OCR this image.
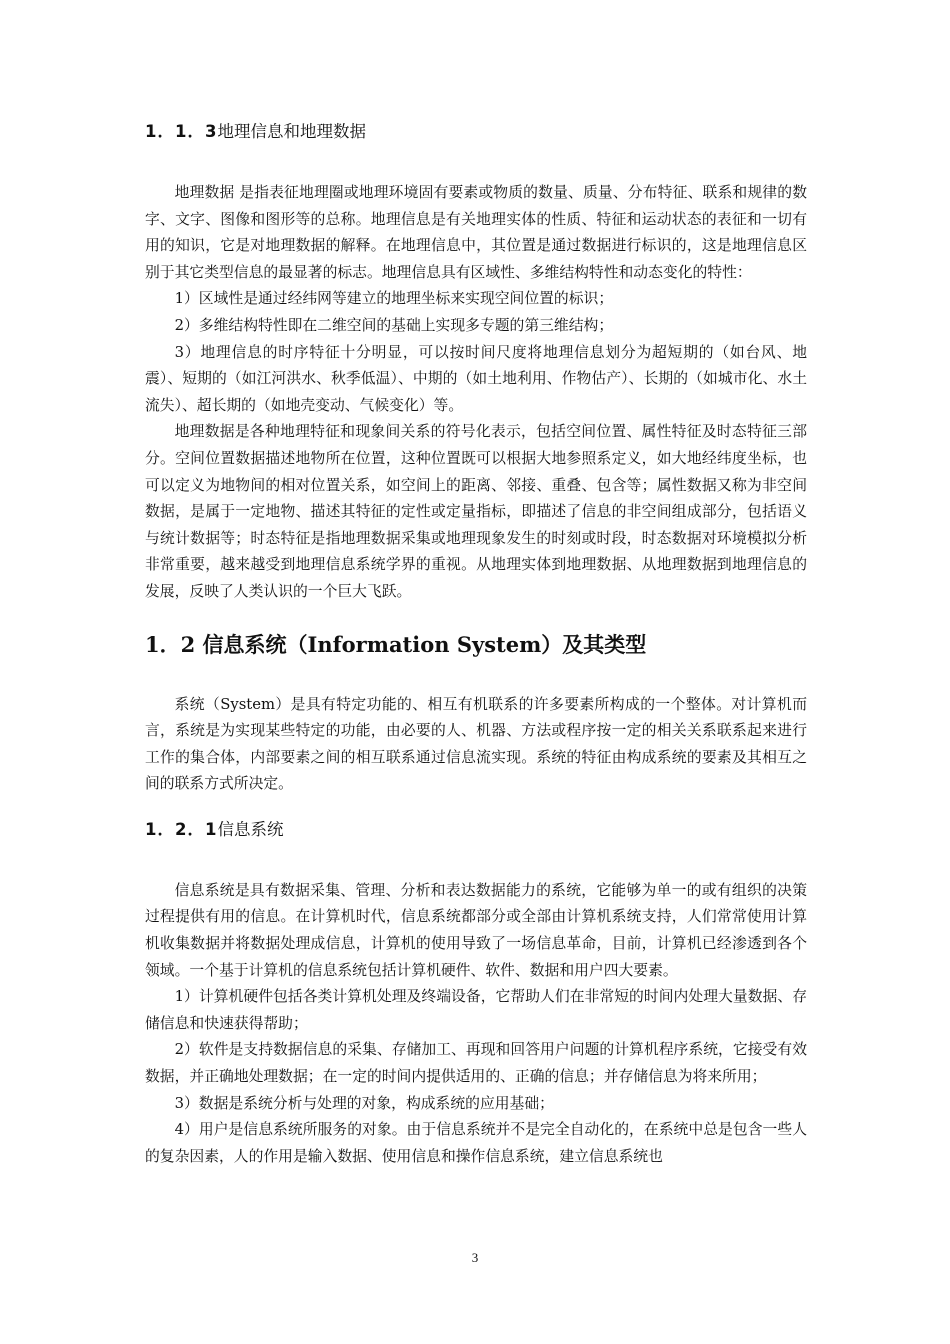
1．1．3地理信息和地理数据

地理数据 是指表征地理圈或地理环境固有要素或物质的数量、质量、分布特征、联系和规律的数字、文字、图像和图形等的总称。地理信息是有关地理实体的性质、特征和运动状态的表征和一切有用的知识，它是对地理数据的解释。在地理信息中，其位置是通过数据进行标识的，这是地理信息区别于其它类型信息的最显著的标志。地理信息具有区域性、多维结构特性和动态变化的特性：

1）区域性是通过经纬网等建立的地理坐标来实现空间位置的标识；

2）多维结构特性即在二维空间的基础上实现多专题的第三维结构；

3）地理信息的时序特征十分明显，可以按时间尺度将地理信息划分为超短期的（如台风、地震）、短期的（如江河洪水、秋季低温）、中期的（如土地利用、作物估产）、长期的（如城市化、水土流失）、超长期的（如地壳变动、气候变化）等。

地理数据是各种地理特征和现象间关系的符号化表示，包括空间位置、属性特征及时态特征三部分。空间位置数据描述地物所在位置，这种位置既可以根据大地参照系定义，如大地经纬度坐标，也可以定义为地物间的相对位置关系，如空间上的距离、邻接、重叠、包含等；属性数据又称为非空间数据，是属于一定地物、描述其特征的定性或定量指标，即描述了信息的非空间组成部分，包括语义与统计数据等；时态特征是指地理数据采集或地理现象发生的时刻或时段，时态数据对环境模拟分析非常重要，越来越受到地理信息系统学界的重视。从地理实体到地理数据、从地理数据到地理信息的发展，反映了人类认识的一个巨大飞跃。

1．2 信息系统（Information System）及其类型

系统（System）是具有特定功能的、相互有机联系的许多要素所构成的一个整体。对计算机而言，系统是为实现某些特定的功能，由必要的人、机器、方法或程序按一定的相关关系联系起来进行工作的集合体，内部要素之间的相互联系通过信息流实现。系统的特征由构成系统的要素及其相互之间的联系方式所决定。

1．2．1信息系统

信息系统是具有数据采集、管理、分析和表达数据能力的系统，它能够为单一的或有组织的决策过程提供有用的信息。在计算机时代，信息系统都部分或全部由计算机系统支持，人们常常使用计算机收集数据并将数据处理成信息，计算机的使用导致了一场信息革命，目前，计算机已经渗透到各个领域。一个基于计算机的信息系统包括计算机硬件、软件、数据和用户四大要素。

1）计算机硬件包括各类计算机处理及终端设备，它帮助人们在非常短的时间内处理大量数据、存储信息和快速获得帮助；

2）软件是支持数据信息的采集、存储加工、再现和回答用户问题的计算机程序系统，它接受有效数据，并正确地处理数据；在一定的时间内提供适用的、正确的信息；并存储信息为将来所用；

3）数据是系统分析与处理的对象，构成系统的应用基础；

4）用户是信息系统所服务的对象。由于信息系统并不是完全自动化的，在系统中总是包含一些人的复杂因素，人的作用是输入数据、使用信息和操作信息系统，建立信息系统也

3
